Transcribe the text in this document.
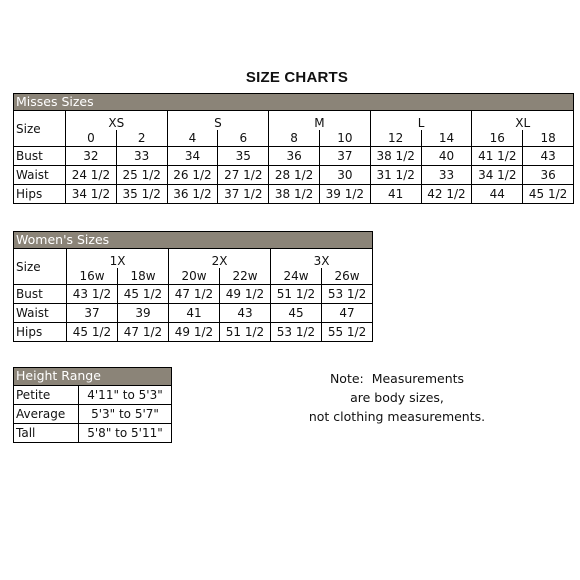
SIZE CHARTS
Misses Sizes										
Size	XS		S		M		L		XL	
	0	2	4	6	8	10	12	14	16	18
Bust	32	33	34	35	36	37	38 1/2	40	41 1/2	43
Waist	24 1/2	25 1/2	26 1/2	27 1/2	28 1/2	30	31 1/2	33	34 1/2	36
Hips	34 1/2	35 1/2	36 1/2	37 1/2	38 1/2	39 1/2	41	42 1/2	44	45 1/2
Women's Sizes						
Size	1X		2X		3X	
	16w	18w	20w	22w	24w	26w
Bust	43 1/2	45 1/2	47 1/2	49 1/2	51 1/2	53 1/2
Waist	37	39	41	43	45	47
Hips	45 1/2	47 1/2	49 1/2	51 1/2	53 1/2	55 1/2
Height Range	
Petite	4'11" to 5'3"
Average	5'3" to 5'7"
Tall	5'8" to 5'11"
Note:  Measurements
are body sizes,
not clothing measurements.
